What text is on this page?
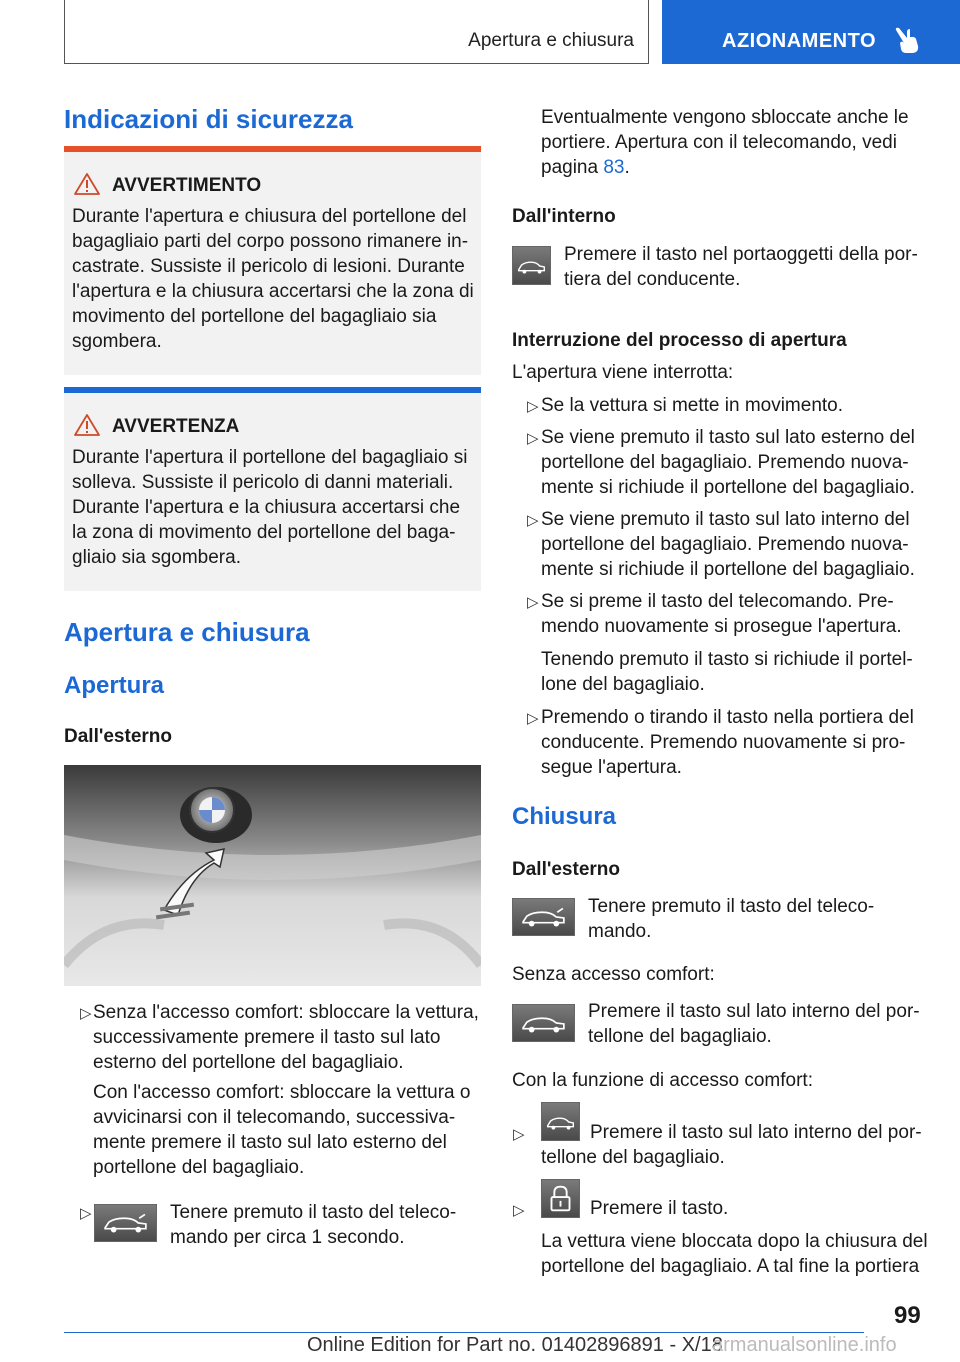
Apertura e chiusura	AZIONAMENTO
Indicazioni di sicurezza
AVVERTIMENTO
Durante l'apertura e chiusura del portellone del
bagagliaio parti del corpo possono rimanere in-
castrate. Sussiste il pericolo di lesioni. Durante
l'apertura e la chiusura accertarsi che la zona di
movimento del portellone del bagagliaio sia
sgombera.
AVVERTENZA
Durante l'apertura il portellone del bagagliaio si
solleva. Sussiste il pericolo di danni materiali.
Durante l'apertura e la chiusura accertarsi che
la zona di movimento del portellone del baga-
gliaio sia sgombera.
Apertura e chiusura
Apertura
Dall'esterno
▷ Senza l'accesso comfort: sbloccare la vettura,
successivamente premere il tasto sul lato
esterno del portellone del bagagliaio.
Con l'accesso comfort: sbloccare la vettura o
avvicinarsi con il telecomando, successiva-
mente premere il tasto sul lato esterno del
portellone del bagagliaio.
▷	Tenere premuto il tasto del teleco-
mando per circa 1 secondo.
Eventualmente vengono sbloccate anche le
portiere. Apertura con il telecomando, vedi
pagina 83.
Dall'interno
Premere il tasto nel portaoggetti della por-
tiera del conducente.
Interruzione del processo di apertura
L'apertura viene interrotta:
▷ Se la vettura si mette in movimento.
▷ Se viene premuto il tasto sul lato esterno del
portellone del bagagliaio. Premendo nuova-
mente si richiude il portellone del bagagliaio.
▷ Se viene premuto il tasto sul lato interno del
portellone del bagagliaio. Premendo nuova-
mente si richiude il portellone del bagagliaio.
▷ Se si preme il tasto del telecomando. Pre-
mendo nuovamente si prosegue l'apertura.
Tenendo premuto il tasto si richiude il portel-
lone del bagagliaio.
▷ Premendo o tirando il tasto nella portiera del
conducente. Premendo nuovamente si pro-
segue l'apertura.
Chiusura
Dall'esterno
Tenere premuto il tasto del teleco-
mando.
Senza accesso comfort:
Premere il tasto sul lato interno del por-
tellone del bagagliaio.
Con la funzione di accesso comfort:
▷	Premere il tasto sul lato interno del por-
tellone del bagagliaio.
▷	Premere il tasto.
La vettura viene bloccata dopo la chiusura del
portellone del bagagliaio. A tal fine la portiera
99
Online Edition for Part no. 01402896891 - X/18
armanualsonline.info
